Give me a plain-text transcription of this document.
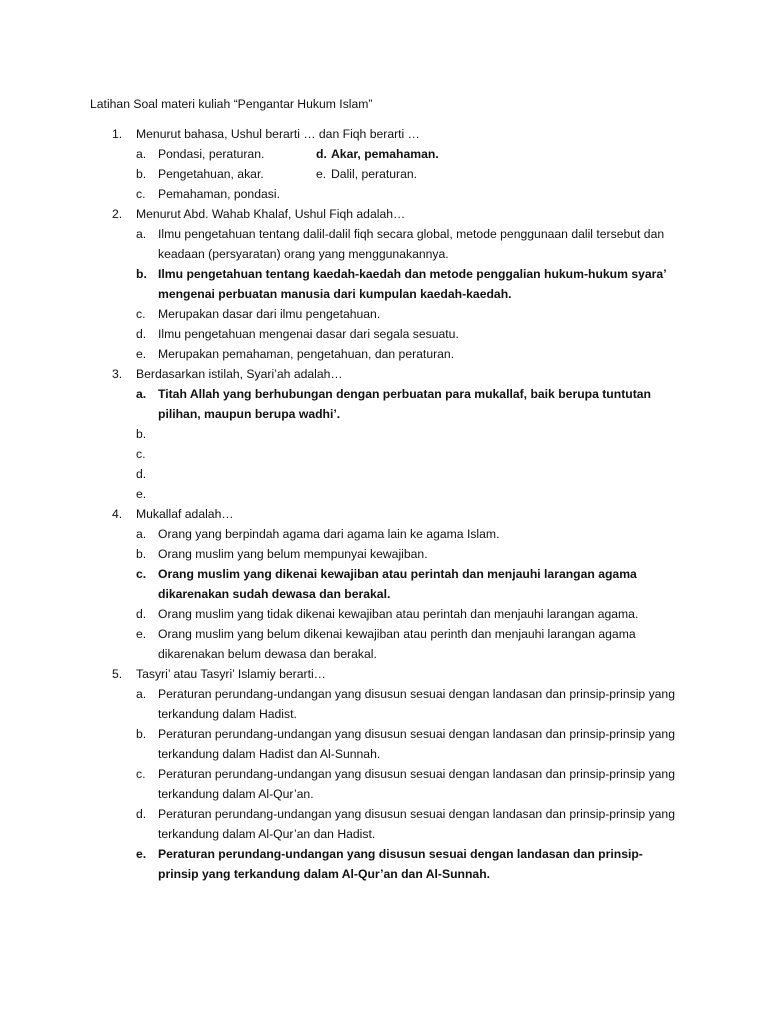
Latihan Soal materi kuliah “Pengantar Hukum Islam”
1. Menurut bahasa, Ushul berarti … dan Fiqh berarti …
a. Pondasi, peraturan.	d. Akar, pemahaman.
b. Pengetahuan, akar.	e. Dalil, peraturan.
c. Pemahaman, pondasi.
2. Menurut Abd. Wahab Khalaf, Ushul Fiqh adalah…
a. Ilmu pengetahuan tentang dalil-dalil fiqh secara global, metode penggunaan dalil tersebut dan keadaan (persyaratan) orang yang menggunakannya.
b. Ilmu pengetahuan tentang kaedah-kaedah dan metode penggalian hukum-hukum syara’ mengenai perbuatan manusia dari kumpulan kaedah-kaedah.
c. Merupakan dasar dari ilmu pengetahuan.
d. Ilmu pengetahuan mengenai dasar dari segala sesuatu.
e. Merupakan pemahaman, pengetahuan, dan peraturan.
3. Berdasarkan istilah, Syari’ah adalah…
a. Titah Allah yang berhubungan dengan perbuatan para mukallaf, baik berupa tuntutan pilihan, maupun berupa wadhi’.
b.
c.
d.
e.
4. Mukallaf adalah…
a. Orang yang berpindah agama dari agama lain ke agama Islam.
b. Orang muslim yang belum mempunyai kewajiban.
c. Orang muslim yang dikenai kewajiban atau perintah dan menjauhi larangan agama dikarenakan sudah dewasa dan berakal.
d. Orang muslim yang tidak dikenai kewajiban atau perintah dan menjauhi larangan agama.
e. Orang muslim yang belum dikenai kewajiban atau perinth dan menjauhi larangan agama dikarenakan belum dewasa dan berakal.
5. Tasyri’ atau Tasyri’ Islamiy berarti…
a. Peraturan perundang-undangan yang disusun sesuai dengan landasan dan prinsip-prinsip yang terkandung dalam Hadist.
b. Peraturan perundang-undangan yang disusun sesuai dengan landasan dan prinsip-prinsip yang terkandung dalam Hadist dan Al-Sunnah.
c. Peraturan perundang-undangan yang disusun sesuai dengan landasan dan prinsip-prinsip yang terkandung dalam Al-Qur’an.
d. Peraturan perundang-undangan yang disusun sesuai dengan landasan dan prinsip-prinsip yang terkandung dalam Al-Qur’an dan Hadist.
e. Peraturan perundang-undangan yang disusun sesuai dengan landasan dan prinsip-prinsip yang terkandung dalam Al-Qur’an dan Al-Sunnah.
